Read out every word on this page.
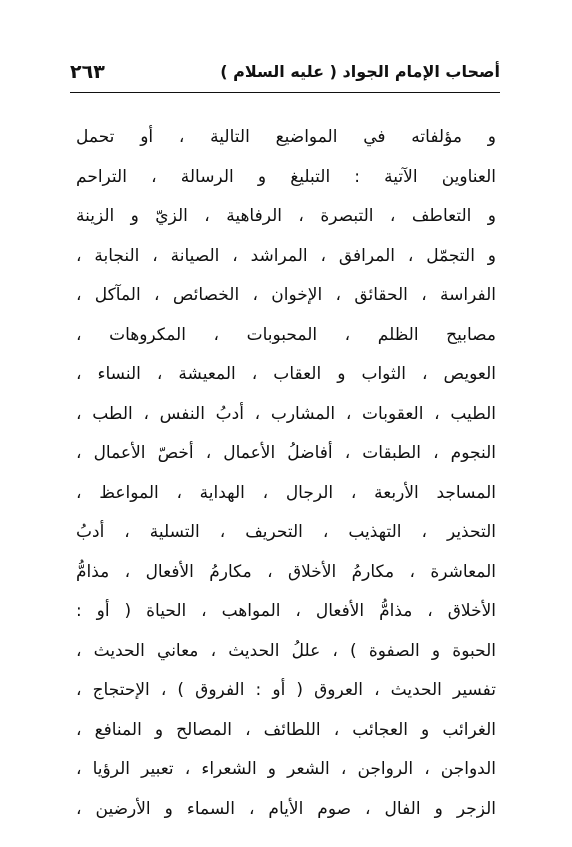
أصحاب الإمام الجواد ( عليه السلام )
٢٦٣
و مؤلفاته في المواضيع التالية ، أو تحمل
العناوين الآتية : التبليغ و الرسالة ، التراحم
و التعاطف ، التبصرة ، الرفاهية ، الزيّ و الزينة
و التجمّل ، المرافق ، المراشد ، الصيانة ، النجابة ،
الفراسة ، الحقائق ، الإخوان ، الخصائص ، المآكل ،
مصابيح الظلم ، المحبوبات ، المكروهات ،
العويص ، الثواب و العقاب ، المعيشة ، النساء ،
الطيب ، العقوبات ، المشارب ، أدبُ النفس ، الطب ،
النجوم ، الطبقات ، أفاضلُ الأعمال ، أخصّ الأعمال ،
المساجد الأربعة ، الرجال ، الهداية ، المواعظ ،
التحذير ، التهذيب ، التحريف ، التسلية ، أدبُ
المعاشرة ، مكارمُ الأخلاق ، مكارمُ الأفعال ، مذامُّ
الأخلاق ، مذامُّ الأفعال ، المواهب ، الحياة ( أو :
الحبوة و الصفوة ) ، عللُ الحديث ، معاني الحديث ،
تفسير الحديث ، العروق ( أو : الفروق ) ، الإحتجاج ،
الغرائب و العجائب ، اللطائف ، المصالح و المنافع ،
الدواجن ، الرواجن ، الشعر و الشعراء ، تعبير الرؤيا ،
الزجر و الفال ، صوم الأيام ، السماء و الأرضين ،
